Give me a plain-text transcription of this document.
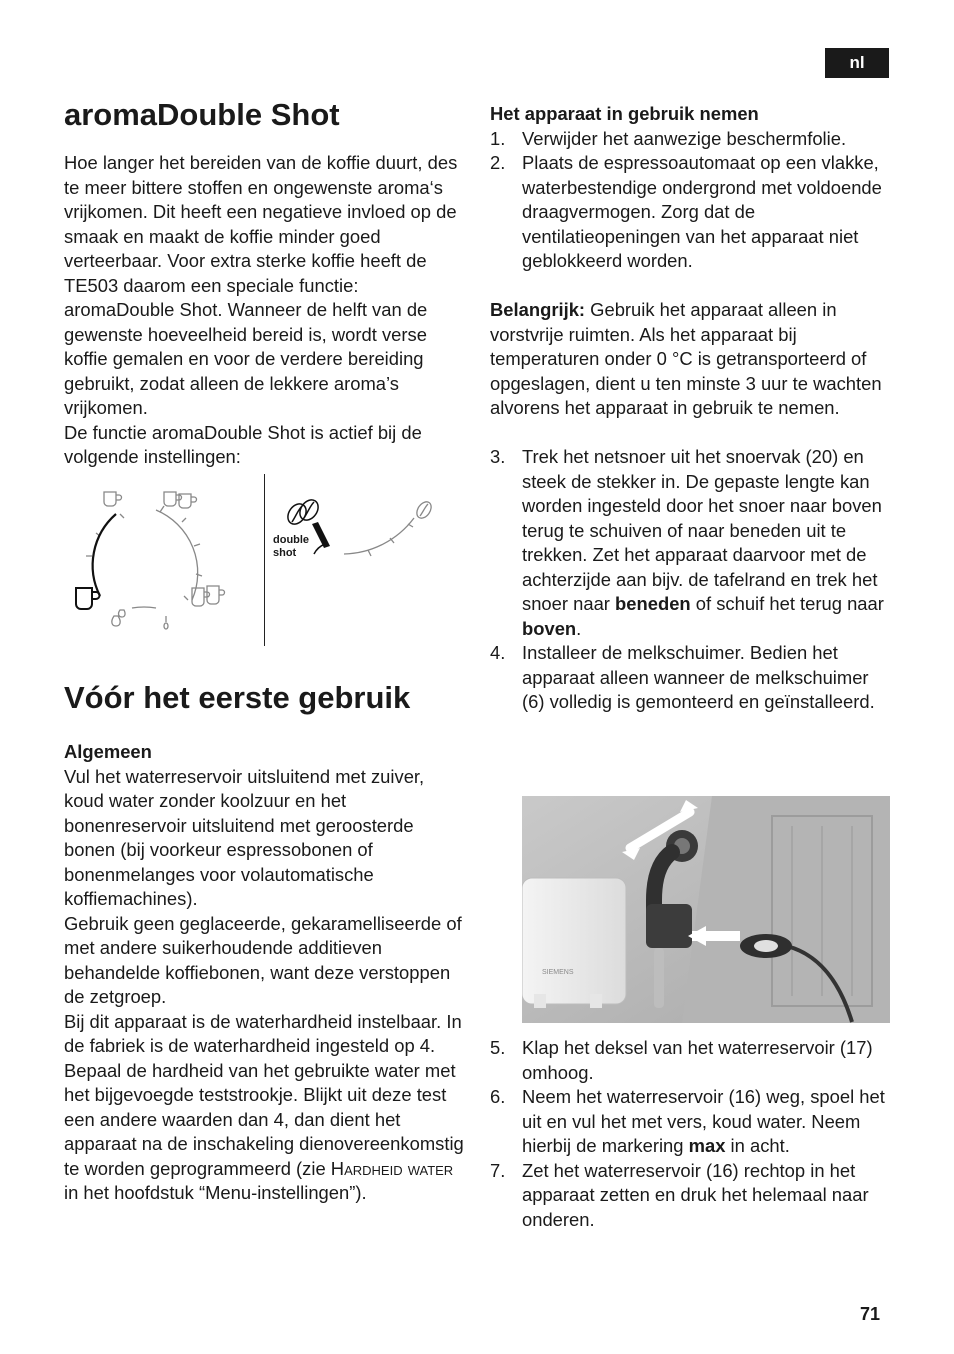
nl
aromaDouble Shot
Hoe langer het bereiden van de koffie duurt, des te meer bittere stoffen en ongewenste aroma‘s vrijkomen. Dit heeft een negatieve invloed op de smaak en maakt de koffie minder goed verteerbaar. Voor extra sterke koffie heeft de TE503 daarom een speciale functie: aromaDouble Shot. Wanneer de helft van de gewenste hoeveelheid bereid is, wordt verse koffie gemalen en voor de verdere bereiding gebruikt, zodat alleen de lekkere aroma’s vrijkomen.
De functie aromaDouble Shot is actief bij de volgende instellingen:
double shot
Vóór het eerste gebruik
Algemeen
Vul het waterreservoir uitsluitend met zuiver, koud water zonder koolzuur en het bonenreservoir uitsluitend met geroosterde bonen (bij voorkeur espressobonen of bonenmelanges voor volautomatische koffiemachines).
Gebruik geen geglaceerde, gekaramelliseerde of met andere suikerhoudende additieven behandelde koffiebonen, want deze verstoppen de zetgroep.
Bij dit apparaat is de waterhardheid instelbaar. In de fabriek is de waterhardheid ingesteld op 4. Bepaal de hardheid van het gebruikte water met het bijgevoegde teststrookje. Blijkt uit deze test een andere waarden dan 4, dan dient het apparaat na de inschakeling dienovereenkomstig te worden geprogrammeerd (zie Hardheid water in het hoofdstuk “Menu-instellingen”).
Het apparaat in gebruik nemen
1. Verwijder het aanwezige beschermfolie.
2. Plaats de espressoautomaat op een vlakke, waterbestendige ondergrond met voldoende draagvermogen. Zorg dat de ventilatieopeningen van het apparaat niet geblokkeerd worden.
Belangrijk: Gebruik het apparaat alleen in vorstvrije ruimten. Als het apparaat bij temperaturen onder 0 °C is getransporteerd of opgeslagen, dient u ten minste 3 uur te wachten alvorens het apparaat in gebruik te nemen.
3. Trek het netsnoer uit het snoervak (20) en steek de stekker in. De gepaste lengte kan worden ingesteld door het snoer naar boven terug te schuiven of naar beneden uit te trekken. Zet het apparaat daarvoor met de achterzijde aan bijv. de tafelrand en trek het snoer naar beneden of schuif het terug naar boven.
4. Installeer de melkschuimer. Bedien het apparaat alleen wanneer de melkschuimer (6) volledig is gemonteerd en geïnstalleerd.
SIEMENS
5. Klap het deksel van het waterreservoir (17) omhoog.
6. Neem het waterreservoir (16) weg, spoel het uit en vul het met vers, koud water. Neem hierbij de markering max in acht.
7. Zet het waterreservoir (16) rechtop in het apparaat zetten en druk het helemaal naar onderen.
71
